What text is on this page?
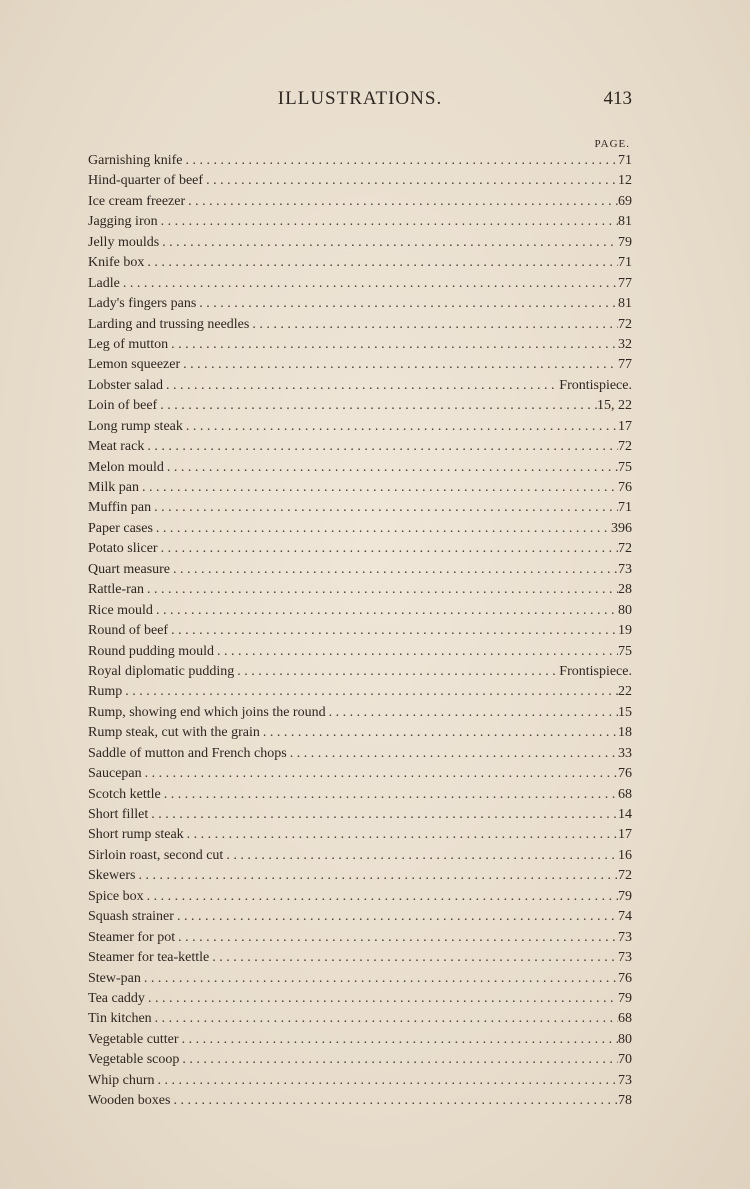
ILLUSTRATIONS.	413
PAGE.
Garnishing knife . . .	71
Hind-quarter of beef . . .	12
Ice cream freezer . . .	69
Jagging iron . . .	81
Jelly moulds . . .	79
Knife box . . .	71
Ladle . . .	77
Lady's fingers pans . . .	81
Larding and trussing needles . . .	72
Leg of mutton . . .	32
Lemon squeezer . . .	77
Lobster salad . . .	Frontispiece.
Loin of beef . . .	15, 22
Long rump steak . . .	17
Meat rack . . .	72
Melon mould . . .	75
Milk pan . . .	76
Muffin pan . . .	71
Paper cases . . .	396
Potato slicer . . .	72
Quart measure . . .	73
Rattle-ran . . .	28
Rice mould . . .	80
Round of beef . . .	19
Round pudding mould . . .	75
Royal diplomatic pudding . . .	Frontispiece.
Rump . . .	22
Rump, showing end which joins the round . . .	15
Rump steak, cut with the grain . . .	18
Saddle of mutton and French chops . . .	33
Saucepan . . .	76
Scotch kettle . . .	68
Short fillet . . .	14
Short rump steak . . .	17
Sirloin roast, second cut . . .	16
Skewers . . .	72
Spice box . . .	79
Squash strainer . . .	74
Steamer for pot . . .	73
Steamer for tea-kettle . . .	73
Stew-pan . . .	76
Tea caddy . . .	79
Tin kitchen . . .	68
Vegetable cutter . . .	80
Vegetable scoop . . .	70
Whip churn . . .	73
Wooden boxes . . .	78
